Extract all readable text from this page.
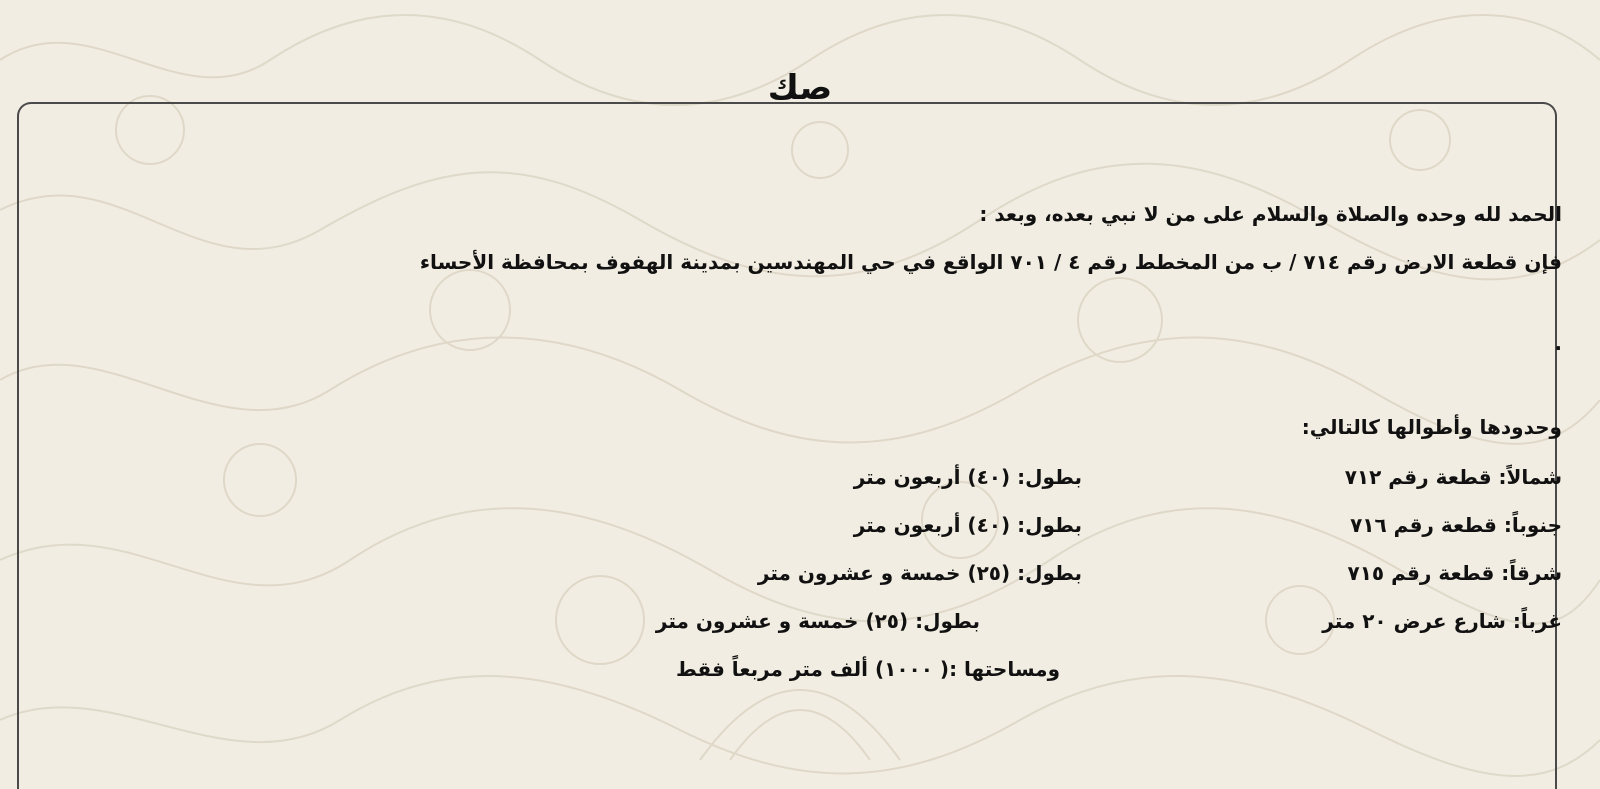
صك
الحمد لله وحده والصلاة والسلام على من لا نبي بعده، وبعد :
فإن قطعة الارض رقم ٧١٤ / ب من المخطط رقم ٤ / ٧٠١ الواقع في حي المهندسين بمدينة الهفوف بمحافظة الأحساء
.
وحدودها وأطوالها كالتالي:
شمالاً: قطعة رقم ٧١٢
بطول: (٤٠) أربعون متر
جنوباً: قطعة رقم ٧١٦
بطول: (٤٠) أربعون متر
شرقاً: قطعة رقم ٧١٥
بطول: (٢٥) خمسة و عشرون متر
غرباً: شارع عرض ٢٠ متر
بطول: (٢٥) خمسة و عشرون متر
ومساحتها :( ١٠٠٠) ألف متر مربعاً فقط
